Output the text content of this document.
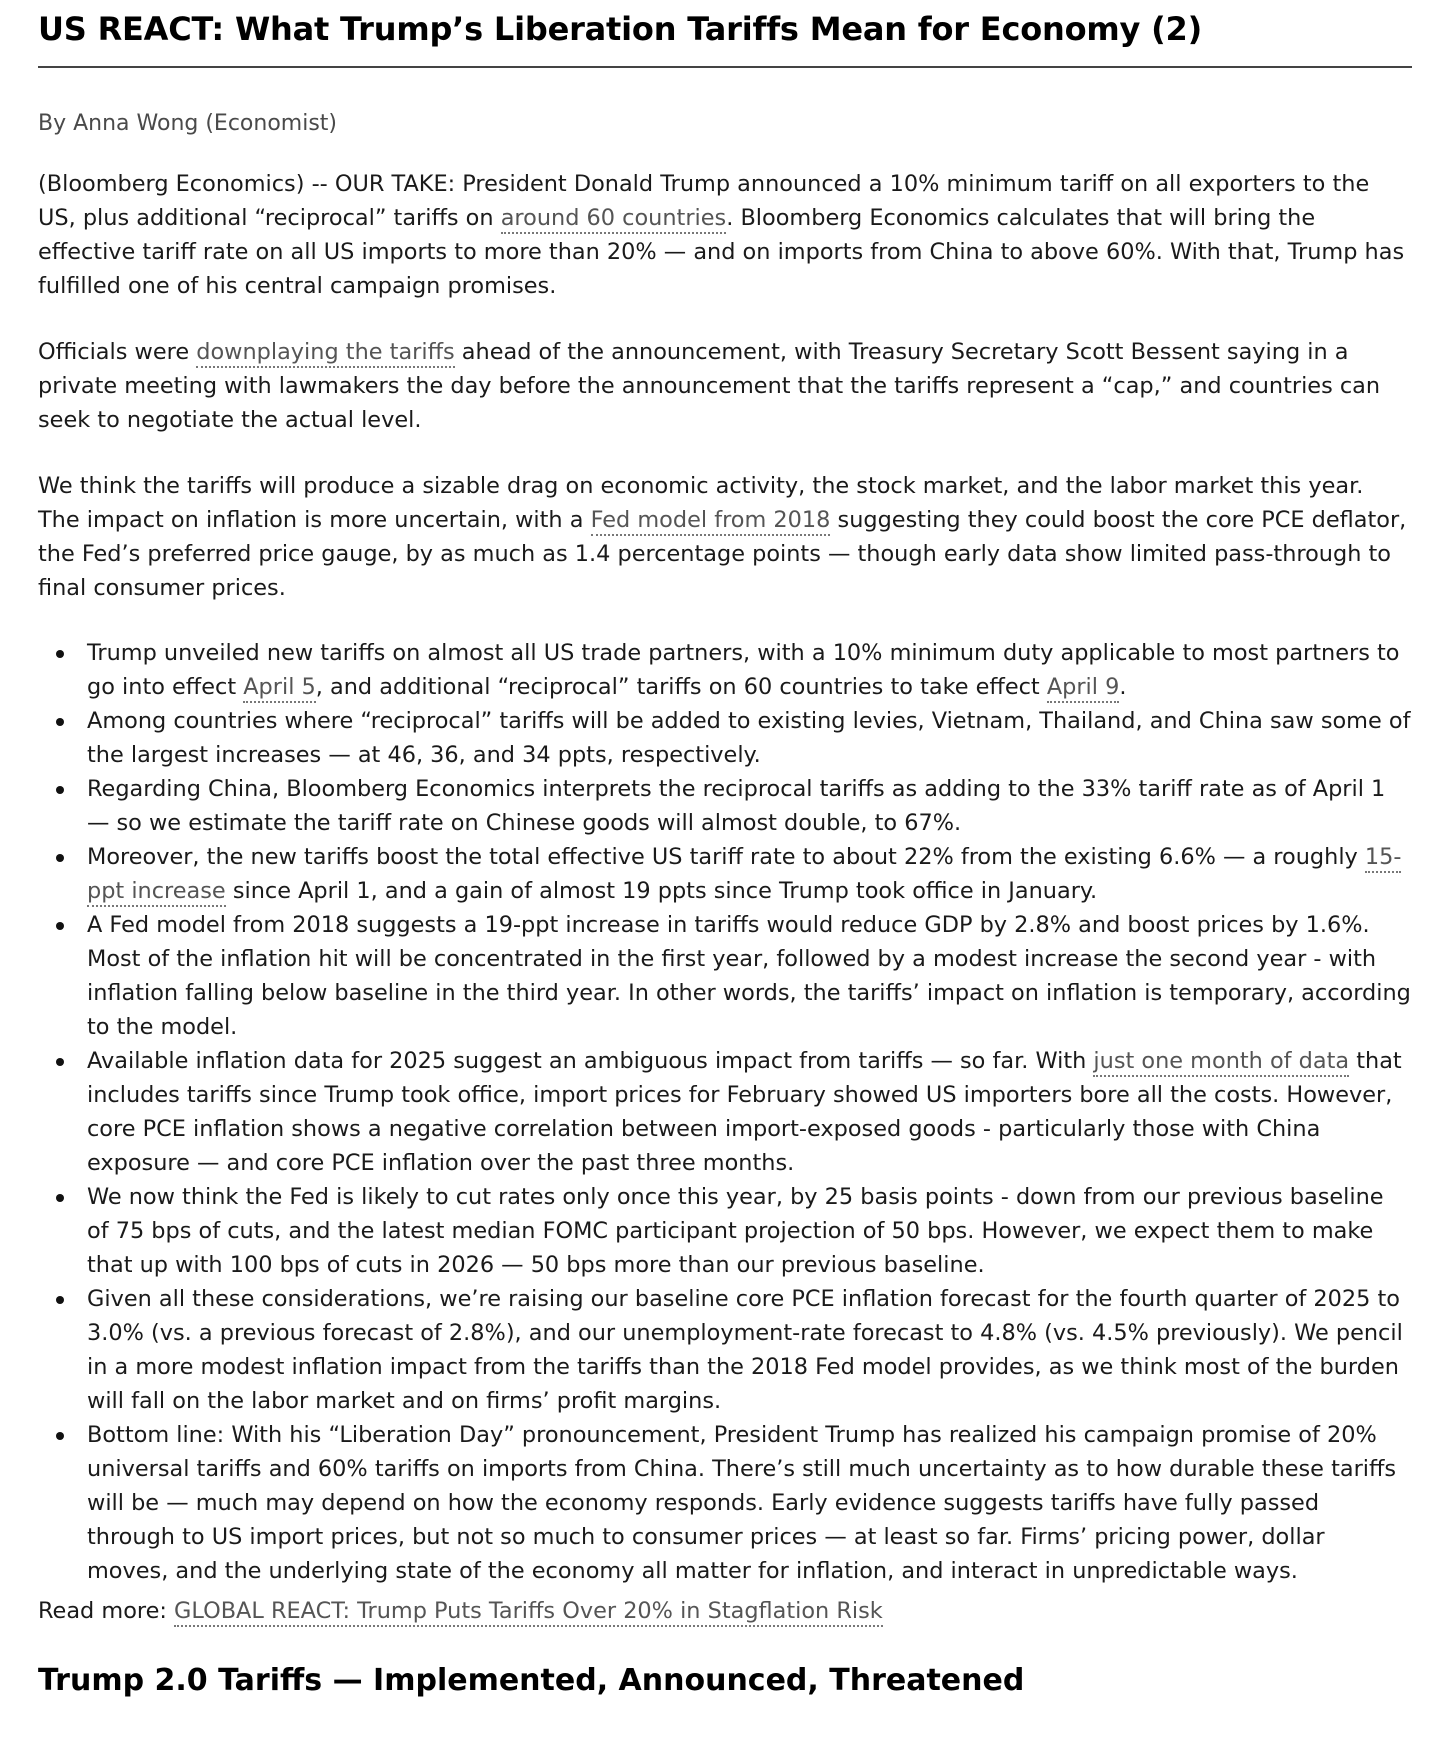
US REACT: What Trump’s Liberation Tariffs Mean for Economy (2)
By Anna Wong (Economist)

(Bloomberg Economics) -- OUR TAKE: President Donald Trump announced a 10% minimum tariff on all exporters to the US, plus additional “reciprocal” tariffs on around 60 countries. Bloomberg Economics calculates that will bring the effective tariff rate on all US imports to more than 20% — and on imports from China to above 60%. With that, Trump has fulfilled one of his central campaign promises.

Officials were downplaying the tariffs ahead of the announcement, with Treasury Secretary Scott Bessent saying in a private meeting with lawmakers the day before the announcement that the tariffs represent a “cap,” and countries can seek to negotiate the actual level.

We think the tariffs will produce a sizable drag on economic activity, the stock market, and the labor market this year. The impact on inflation is more uncertain, with a Fed model from 2018 suggesting they could boost the core PCE deflator, the Fed’s preferred price gauge, by as much as 1.4 percentage points — though early data show limited pass-through to final consumer prices.

Trump unveiled new tariffs on almost all US trade partners, with a 10% minimum duty applicable to most partners to go into effect April 5, and additional “reciprocal” tariffs on 60 countries to take effect April 9.
Among countries where “reciprocal” tariffs will be added to existing levies, Vietnam, Thailand, and China saw some of the largest increases — at 46, 36, and 34 ppts, respectively.
Regarding China, Bloomberg Economics interprets the reciprocal tariffs as adding to the 33% tariff rate as of April 1 — so we estimate the tariff rate on Chinese goods will almost double, to 67%.
Moreover, the new tariffs boost the total effective US tariff rate to about 22% from the existing 6.6% — a roughly 15-ppt increase since April 1, and a gain of almost 19 ppts since Trump took office in January.
A Fed model from 2018 suggests a 19-ppt increase in tariffs would reduce GDP by 2.8% and boost prices by 1.6%. Most of the inflation hit will be concentrated in the first year, followed by a modest increase the second year - with inflation falling below baseline in the third year. In other words, the tariffs’ impact on inflation is temporary, according to the model.
Available inflation data for 2025 suggest an ambiguous impact from tariffs — so far. With just one month of data that includes tariffs since Trump took office, import prices for February showed US importers bore all the costs. However, core PCE inflation shows a negative correlation between import-exposed goods - particularly those with China exposure — and core PCE inflation over the past three months.
We now think the Fed is likely to cut rates only once this year, by 25 basis points - down from our previous baseline of 75 bps of cuts, and the latest median FOMC participant projection of 50 bps. However, we expect them to make that up with 100 bps of cuts in 2026 — 50 bps more than our previous baseline.
Given all these considerations, we’re raising our baseline core PCE inflation forecast for the fourth quarter of 2025 to 3.0% (vs. a previous forecast of 2.8%), and our unemployment-rate forecast to 4.8% (vs. 4.5% previously). We pencil in a more modest inflation impact from the tariffs than the 2018 Fed model provides, as we think most of the burden will fall on the labor market and on firms’ profit margins.
Bottom line: With his “Liberation Day” pronouncement, President Trump has realized his campaign promise of 20% universal tariffs and 60% tariffs on imports from China. There’s still much uncertainty as to how durable these tariffs will be — much may depend on how the economy responds. Early evidence suggests tariffs have fully passed through to US import prices, but not so much to consumer prices — at least so far. Firms’ pricing power, dollar moves, and the underlying state of the economy all matter for inflation, and interact in unpredictable ways.
Read more: GLOBAL REACT: Trump Puts Tariffs Over 20% in Stagflation Risk
Trump 2.0 Tariffs — Implemented, Announced, Threatened
